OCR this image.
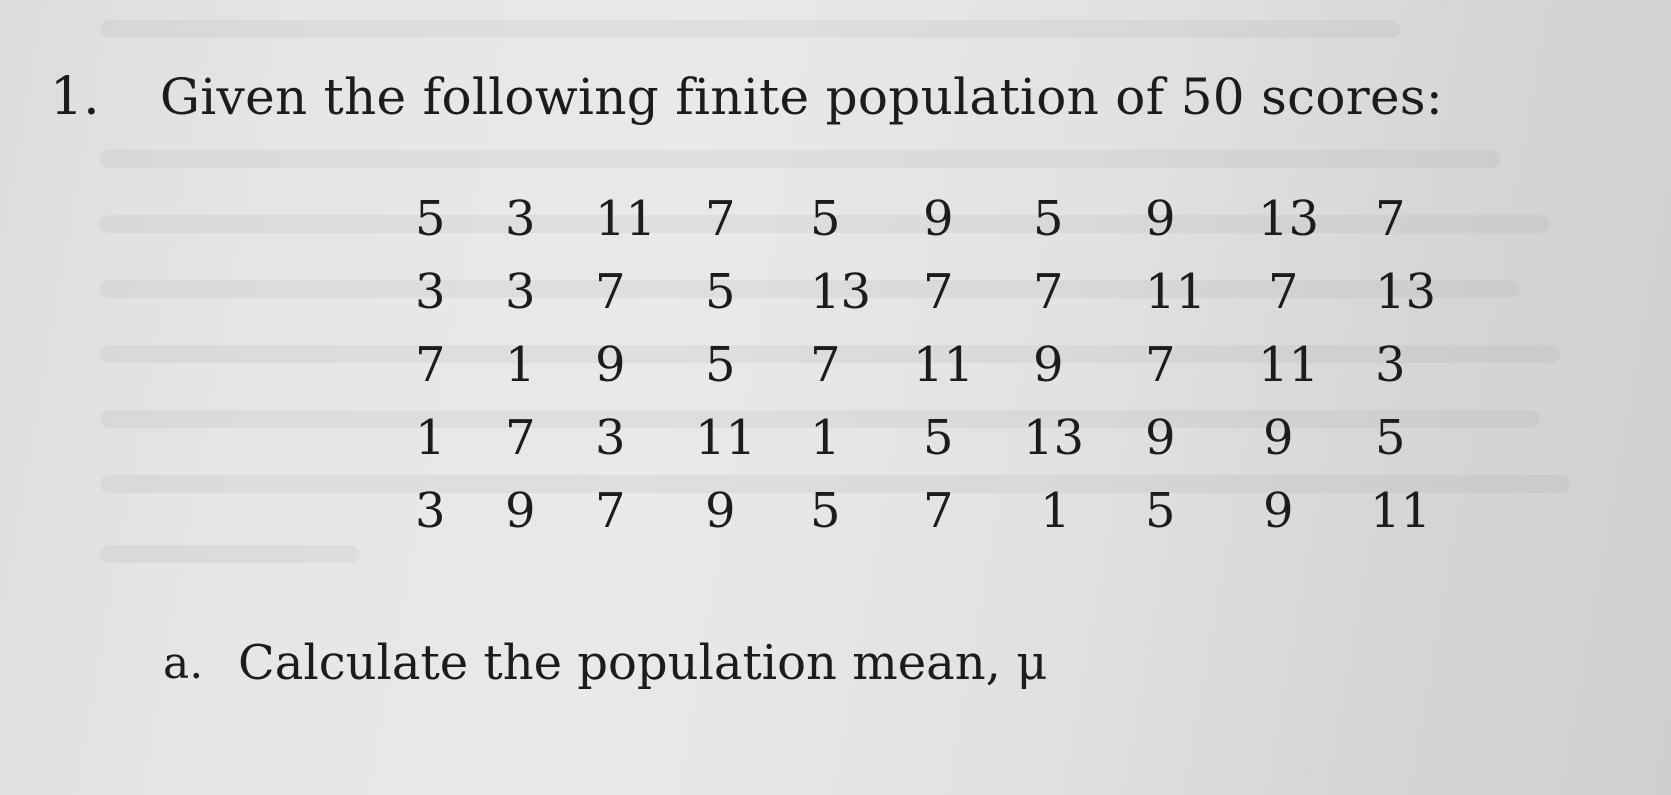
1. Given the following finite population of 50 scores:
5	3	11	7	5	9	5	9	13	7
3	3	7	5	13	7	7	11	7	13
7	1	9	5	7	11	9	7	11	3
1	7	3	11	1	5	13	9	9	5
3	9	7	9	5	7	1	5	9	11
a. Calculate the population mean, μ
